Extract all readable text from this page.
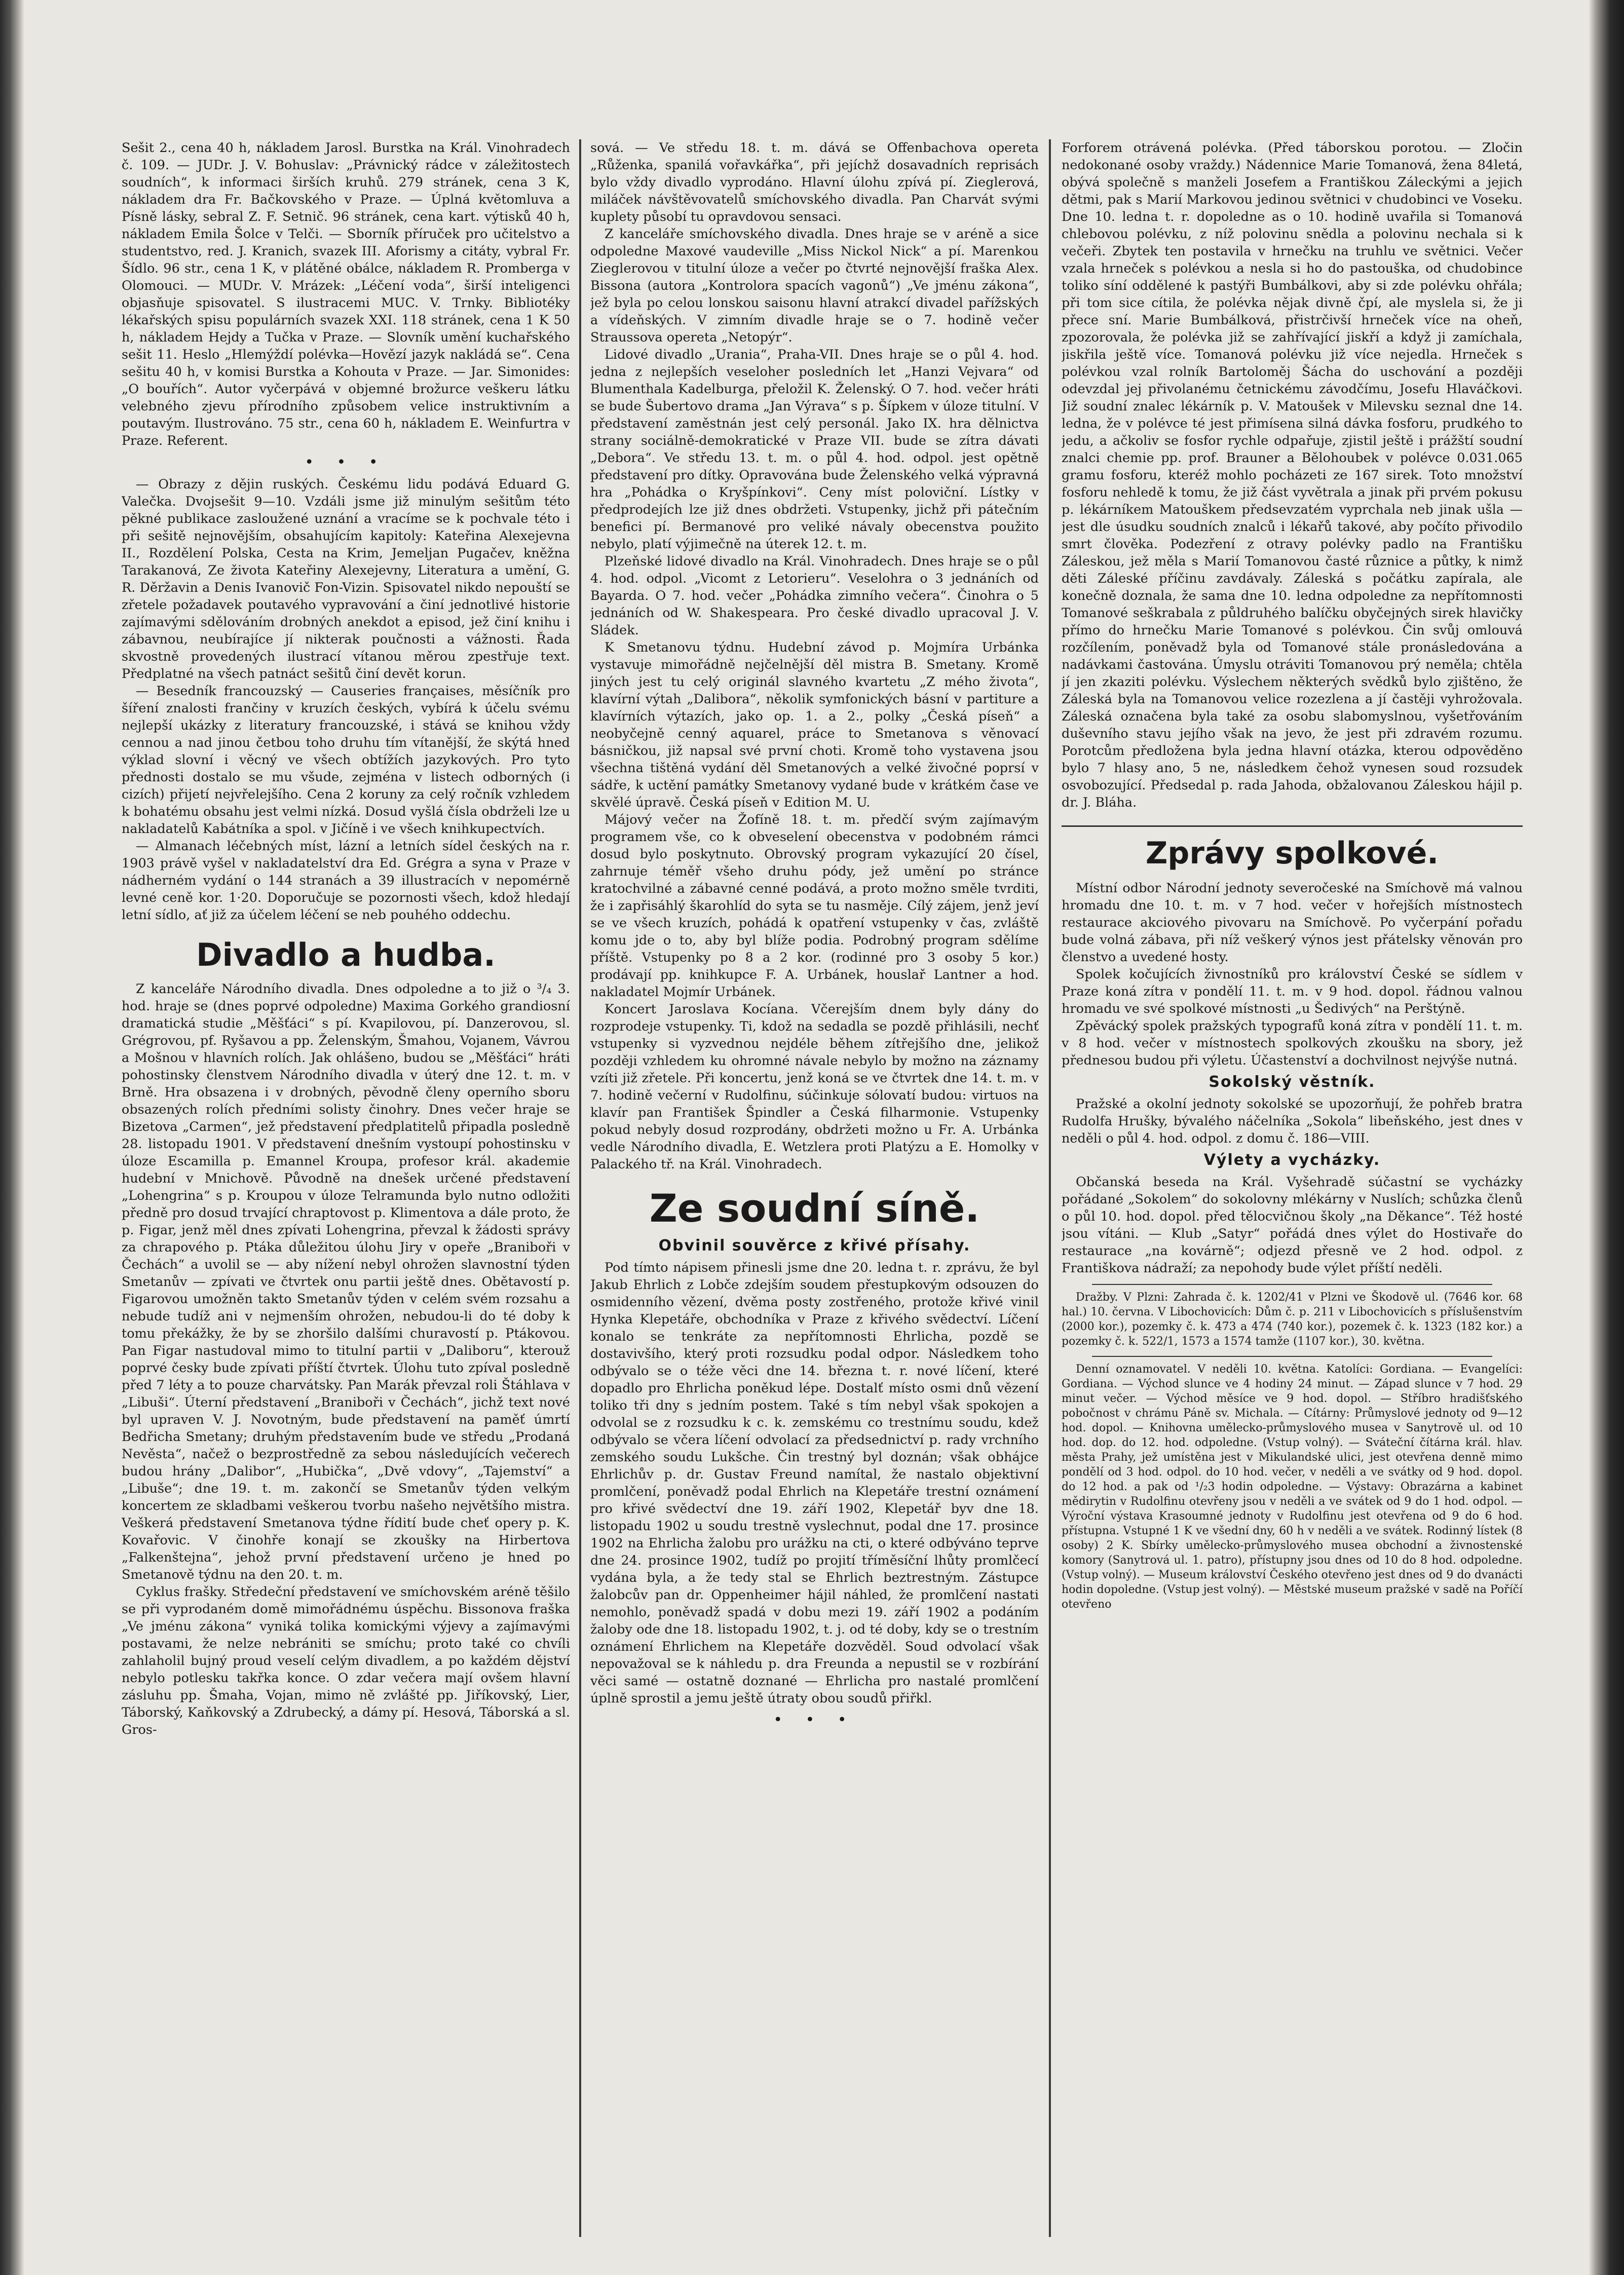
Sešit 2., cena 40 h, nákladem Jarosl. Burstka na Král. Vinohradech č. 109. — JUDr. J. V. Bohuslav: „Právnický rádce v záležitostech soudních“, k informaci širších kruhů. 279 stránek, cena 3 K, nákladem dra Fr. Bačkovského v Praze. — Úplná květomluva a Písně lásky, sebral Z. F. Setnič. 96 stránek, cena kart. výtisků 40 h, nákladem Emila Šolce v Telči. — Sborník příruček pro učitelstvo a studentstvo, red. J. Kranich, svazek III. Aforismy a citáty, vybral Fr. Šídlo. 96 str., cena 1 K, v plátěné obálce, nákladem R. Promberga v Olomouci. — MUDr. V. Mrázek: „Léčení voda“, širší inteligenci objasňuje spisovatel. S ilustracemi MUC. V. Trnky. Bibliotéky lékařských spisu populárních svazek XXI. 118 stránek, cena 1 K 50 h, nákladem Hejdy a Tučka v Praze. — Slovník umění kuchařského sešit 11. Heslo „Hlemýždí polévka—Hovězí jazyk nakládá se“. Cena sešitu 40 h, v komisi Burstka a Kohouta v Praze. — Jar. Simonides: „O bouřích“. Autor vyčerpává v objemné brožurce veškeru látku velebného zjevu přírodního způsobem velice instruktivním a poutavým. Ilustrováno. 75 str., cena 60 h, nákladem E. Weinfurtra v Praze. Referent.

• • •

— Obrazy z dějin ruských. Českému lidu podává Eduard G. Valečka. Dvojsešit 9—10. Vzdáli jsme již minulým sešitům této pěkné publikace zasloužené uznání a vracíme se k pochvale této i při sešitě nejnovějším, obsahujícím kapitoly: Kateřina Alexejevna II., Rozdělení Polska, Cesta na Krim, Jemeljan Pugačev, kněžna Tarakanová, Ze života Kateřiny Alexejevny, Literatura a umění, G. R. Děržavin a Denis Ivanovič Fon-Vizin. Spisovatel nikdo nepouští se zřetele požadavek poutavého vypravování a činí jednotlivé historie zajímavými sdělováním drobných anekdot a episod, jež činí knihu i zábavnou, neubírajíce jí nikterak poučnosti a vážnosti. Řada skvostně provedených ilustrací vítanou měrou zpestřuje text. Předplatné na všech patnáct sešitů činí devět korun.

— Besedník francouzský — Causeries françaises, měsíčník pro šíření znalosti frančiny v kruzích českých, vybírá k účelu svému nejlepší ukázky z literatury francouzské, i stává se knihou vždy cennou a nad jinou četbou toho druhu tím vítanější, že skýtá hned výklad slovní i věcný ve všech obtížích jazykových. Pro tyto přednosti dostalo se mu všude, zejména v listech odborných (i cizích) přijetí nejvřelejšího. Cena 2 koruny za celý ročník vzhledem k bohatému obsahu jest velmi nízká. Dosud vyšlá čísla obdrželi lze u nakladatelů Kabátníka a spol. v Jičíně i ve všech knihkupectvích.

— Almanach léčebných míst, lázní a letních sídel českých na r. 1903 právě vyšel v nakladatelství dra Ed. Grégra a syna v Praze v nádherném vydání o 144 stranách a 39 illustracích v nepomérně levné ceně kor. 1·20. Doporučuje se pozornosti všech, kdož hledají letní sídlo, ať již za účelem léčení se neb pouhého oddechu.

Divadlo a hudba.

Z kanceláře Národního divadla. Dnes odpoledne a to již o ³/₄ 3. hod. hraje se (dnes poprvé odpoledne) Maxima Gorkého grandiosní dramatická studie „Měšťáci“ s pí. Kvapilovou, pí. Danzerovou, sl. Grégrovou, pf. Ryšavou a pp. Želenským, Šmahou, Vojanem, Vávrou a Mošnou v hlavních rolích. Jak ohlášeno, budou se „Měšťáci“ hráti pohostinsky členstvem Národního divadla v úterý dne 12. t. m. v Brně. Hra obsazena i v drobných, pěvodně členy operního sboru obsazených rolích předními solisty činohry. Dnes večer hraje se Bizetova „Carmen“, jež představení předplatitelů připadla posledně 28. listopadu 1901. V představení dnešním vystoupí pohostinsku v úloze Escamilla p. Emannel Kroupa, profesor král. akademie hudební v Mnichově. Původně na dnešek určené představení „Lohengrina“ s p. Kroupou v úloze Telramunda bylo nutno odložiti předně pro dosud trvající chraptovost p. Klimentova a dále proto, že p. Figar, jenž měl dnes zpívati Lohengrina, převzal k žádosti správy za chrapového p. Ptáka důležitou úlohu Jiry v opeře „Braniboři v Čechách“ a uvolil se — aby nížení nebyl ohrožen slavnostní týden Smetanův — zpívati ve čtvrtek onu partii ještě dnes. Obětavostí p. Figarovou umožněn takto Smetanův týden v celém svém rozsahu a nebude tudíž ani v nejmenším ohrožen, nebudou-li do té doby k tomu překážky, že by se zhoršilo dalšími churavostí p. Ptákovou. Pan Figar nastudoval mimo to titulní partii v „Daliboru“, kterouž poprvé česky bude zpívati příští čtvrtek. Úlohu tuto zpíval posledně před 7 léty a to pouze charvátsky. Pan Marák převzal roli Štáhlava v „Libuši“. Úterní představení „Braniboři v Čechách“, jichž text nové byl upraven V. J. Novotným, bude představení na paměť úmrtí Bedřicha Smetany; druhým představením bude ve středu „Prodaná Nevěsta“, načež o bezprostředně za sebou následujících večerech budou hrány „Dalibor“, „Hubička“, „Dvě vdovy“, „Tajemství“ a „Libuše“; dne 19. t. m. zakončí se Smetanův týden velkým koncertem ze skladbami veškerou tvorbu našeho největšího mistra. Veškerá představení Smetanova týdne řídití bude cheť opery p. K. Kovařovic. V činohře konají se zkoušky na Hirbertova „Falkenštejna“, jehož první představení určeno je hned po Smetanově týdnu na den 20. t. m.

Cyklus frašky. Středeční představení ve smíchovském aréně těšilo se při vyprodaném domě mimořádnému úspěchu. Bissonova fraška „Ve jménu zákona“ vyniká tolika komickými výjevy a zajímavými postavami, že nelze nebrániti se smíchu; proto také co chvíli zahlaholil bujný proud veselí celým divadlem, a po každém dějství nebylo potlesku takřka konce. O zdar večera mají ovšem hlavní zásluhu pp. Šmaha, Vojan, mimo ně zvlášté pp. Jiříkovský, Lier, Táborský, Kaňkovský a Zdrubecký, a dámy pí. Hesová, Táborská a sl. Gros-

sová. — Ve středu 18. t. m. dává se Offenbachova opereta „Růženka, spanilá vořavkářka“, při jejíchž dosavadních reprisách bylo vždy divadlo vyprodáno. Hlavní úlohu zpívá pí. Zieglerová, miláček návštěvovatelů smíchovského divadla. Pan Charvát svými kuplety působí tu opravdovou sensaci.

Z kanceláře smíchovského divadla. Dnes hraje se v aréně a sice odpoledne Maxové vaudeville „Miss Nickol Nick“ a pí. Marenkou Zieglerovou v titulní úloze a večer po čtvrté nejnovější fraška Alex. Bissona (autora „Kontrolora spacích vagonů“) „Ve jménu zákona“, jež byla po celou lonskou saisonu hlavní atrakcí divadel pařížských a vídeňských. V zimním divadle hraje se o 7. hodině večer Straussova opereta „Netopýr“.

Lidové divadlo „Urania“, Praha-VII. Dnes hraje se o půl 4. hod. jedna z nejlepších veseloher posledních let „Hanzi Vejvara“ od Blumenthala Kadelburga, přeložil K. Želenský. O 7. hod. večer hráti se bude Šubertovo drama „Jan Výrava“ s p. Šípkem v úloze titulní. V představení zaměstnán jest celý personál. Jako IX. hra dělnictva strany sociálně-demokratické v Praze VII. bude se zítra dávati „Debora“. Ve středu 13. t. m. o půl 4. hod. odpol. jest opětně představení pro dítky. Opravována bude Želenského velká výpravná hra „Pohádka o Kryšpínkovi“. Ceny míst poloviční. Lístky v předprodejích lze již dnes obdržeti. Vstupenky, jichž při pátečním benefici pí. Bermanové pro veliké návaly obecenstva použito nebylo, platí výjimečně na úterek 12. t. m.

Plzeňské lidové divadlo na Král. Vinohradech. Dnes hraje se o půl 4. hod. odpol. „Vicomt z Letorieru“. Veselohra o 3 jednáních od Bayarda. O 7. hod. večer „Pohádka zimního večera“. Činohra o 5 jednáních od W. Shakespeara. Pro české divadlo upracoval J. V. Sládek.

K Smetanovu týdnu. Hudební závod p. Mojmíra Urbánka vystavuje mimořádně nejčelnější děl mistra B. Smetany. Kromě jiných jest tu celý originál slavného kvartetu „Z mého života“, klavírní výtah „Dalibora“, několik symfonických básní v partiture a klavírních výtazích, jako op. 1. a 2., polky „Česká píseň“ a neobyčejně cenný aquarel, práce to Smetanova s věnovací básničkou, již napsal své první choti. Kromě toho vystavena jsou všechna tištěná vydání děl Smetanových a velké živočné poprsí v sádře, k uctění památky Smetanovy vydané bude v krátkém čase ve skvělé úpravě. Česká píseň v Edition M. U.

Májový večer na Žofíně 18. t. m. předčí svým zajímavým programem vše, co k obveselení obecenstva v podobném rámci dosud bylo poskytnuto. Obrovský program vykazující 20 čísel, zahrnuje téměř všeho druhu pódy, jež umění po stránce kratochvilné a zábavné cenné podává, a proto možno směle tvrditi, že i zapřisáhlý škarohlíd do syta se tu nasměje. Cílý zájem, jenž jeví se ve všech kruzích, pohádá k opatření vstupenky v čas, zvláště komu jde o to, aby byl blíže podia. Podrobný program sdělíme příště. Vstupenky po 8 a 2 kor. (rodinné pro 3 osoby 5 kor.) prodávají pp. knihkupce F. A. Urbánek, houslař Lantner a hod. nakladatel Mojmír Urbánek.

Koncert Jaroslava Kocíana. Včerejším dnem byly dány do rozprodeje vstupenky. Ti, kdož na sedadla se pozdě přihlásili, nechť vstupenky si vyzvednou nejdéle během zítřejšího dne, jelikož později vzhledem ku ohromné návale nebylo by možno na záznamy vzíti již zřetele. Při koncertu, jenž koná se ve čtvrtek dne 14. t. m. v 7. hodině večerní v Rudolfinu, súčinkuje sólovatí budou: virtuos na klavír pan František Špindler a Česká filharmonie. Vstupenky pokud nebyly dosud rozprodány, obdržeti možno u Fr. A. Urbánka vedle Národního divadla, E. Wetzlera proti Platýzu a E. Homolky v Palackého tř. na Král. Vinohradech.

Ze soudní síně.
Obvinil souvěrce z křivé přísahy.

Pod tímto nápisem přinesli jsme dne 20. ledna t. r. zprávu, že byl Jakub Ehrlich z Lobče zdejším soudem přestupkovým odsouzen do osmidenního vězení, dvěma posty zostřeného, protože křivé vinil Hynka Klepetáře, obchodníka v Praze z křivého svědectví. Líčení konalo se tenkráte za nepřítomnosti Ehrlicha, pozdě se dostavivšího, který proti rozsudku podal odpor. Následkem toho odbývalo se o téže věci dne 14. března t. r. nové líčení, které dopadlo pro Ehrlicha poněkud lépe. Dostalť místo osmi dnů vězení toliko tři dny s jedním postem. Také s tím nebyl však spokojen a odvolal se z rozsudku k c. k. zemskému co trestnímu soudu, kdež odbývalo se včera líčení odvolací za předsednictví p. rady vrchního zemského soudu Lukšche. Čin trestný byl doznán; však obhájce Ehrlichův p. dr. Gustav Freund namítal, že nastalo objektivní promlčení, poněvadž podal Ehrlich na Klepetáře trestní oznámení pro křivé svědectví dne 19. září 1902, Klepetář byv dne 18. listopadu 1902 u soudu trestně vyslechnut, podal dne 17. prosince 1902 na Ehrlicha žalobu pro urážku na cti, o které odbýváno teprve dne 24. prosince 1902, tudíž po projití tříměsíční lhůty promlčecí vydána byla, a že tedy stal se Ehrlich beztrestným. Zástupce žalobcův pan dr. Oppenheimer hájil náhled, že promlčení nastati nemohlo, poněvadž spadá v dobu mezi 19. září 1902 a podáním žaloby ode dne 18. listopadu 1902, t. j. od té doby, kdy se o trestním oznámení Ehrlichem na Klepetáře dozvěděl. Soud odvolací však nepovažoval se k náhledu p. dra Freunda a nepustil se v rozbírání věci samé — ostatně doznané — Ehrlicha pro nastalé promlčení úplně sprostil a jemu ještě útraty obou soudů přiřkl.

• • •

Forforem otrávená polévka. (Před táborskou porotou. — Zločin nedokonané osoby vraždy.) Nádennice Marie Tomanová, žena 84letá, obývá společně s manželi Josefem a Františkou Záleckými a jejich dětmi, pak s Marií Markovou jedinou světnici v chudobinci ve Voseku. Dne 10. ledna t. r. dopoledne as o 10. hodině uvařila si Tomanová chlebovou polévku, z níž polovinu snědla a polovinu nechala si k večeři. Zbytek ten postavila v hrnečku na truhlu ve světnici. Večer vzala hrneček s polévkou a nesla si ho do pastouška, od chudobince toliko síní oddělené k pastýři Bumbálkovi, aby si zde polévku ohřála; při tom sice cítila, že polévka nějak divně čpí, ale myslela si, že ji přece sní. Marie Bumbálková, přistrčivší hrneček více na oheň, zpozorovala, že polévka již se zahřívající jiskří a když ji zamíchala, jiskřila ještě více. Tomanová polévku již více nejedla. Hrneček s polévkou vzal rolník Bartoloměj Šácha do uschování a později odevzdal jej přivolanému četnickému závodčímu, Josefu Hlaváčkovi. Již soudní znalec lékárník p. V. Matoušek v Milevsku seznal dne 14. ledna, že v polévce té jest přimísena silná dávka fosforu, prudkého to jedu, a ačkoliv se fosfor rychle odpařuje, zjistil ještě i prážští soudní znalci chemie pp. prof. Brauner a Bělohoubek v polévce 0.031.065 gramu fosforu, kteréž mohlo pocházeti ze 167 sirek. Toto množství fosforu nehledě k tomu, že již část vyvětrala a jinak při prvém pokusu p. lékárníkem Matouškem předsevzatém vyprchala neb jinak ušla — jest dle úsudku soudních znalců i lékařů takové, aby počíto přivodilo smrt člověka. Podezření z otravy polévky padlo na Františku Záleskou, jež měla s Marií Tomanovou časté různice a půtky, k nimž děti Záleské příčinu zavdávaly. Záleská s počátku zapírala, ale konečně doznala, že sama dne 10. ledna odpoledne za nepřítomnosti Tomanové seškrabala z půldruhého balíčku obyčejných sirek hlavičky přímo do hrnečku Marie Tomanové s polévkou. Čin svůj omlouvá rozčílením, poněvadž byla od Tomanové stále pronásledována a nadávkami častována. Úmyslu otráviti Tomanovou prý neměla; chtěla jí jen zkaziti polévku. Výslechem některých svědků bylo zjištěno, že Záleská byla na Tomanovou velice rozezlena a jí častěji vyhrožovala. Záleská označena byla také za osobu slabomyslnou, vyšetřováním duševního stavu jejího však na jevo, že jest při zdravém rozumu. Porotcům předložena byla jedna hlavní otázka, kterou odpověděno bylo 7 hlasy ano, 5 ne, následkem čehož vynesen soud rozsudek osvobozující. Předsedal p. rada Jahoda, obžalovanou Záleskou hájil p. dr. J. Bláha.

Zprávy spolkové.

Místní odbor Národní jednoty severočeské na Smíchově má valnou hromadu dne 10. t. m. v 7 hod. večer v hořejších místnostech restaurace akciového pivovaru na Smíchově. Po vyčerpání pořadu bude volná zábava, při níž veškerý výnos jest přátelsky věnován pro členstvo a uvedené hosty.

Spolek kočujících živnostníků pro království České se sídlem v Praze koná zítra v pondělí 11. t. m. v 9 hod. dopol. řádnou valnou hromadu ve své spolkové místnosti „u Šedivých“ na Perštýně.

Zpěvácký spolek pražských typografů koná zítra v pondělí 11. t. m. v 8 hod. večer v místnostech spolkových zkoušku na sbory, jež přednesou budou při výletu. Účastenství a dochvilnost nejvýše nutná.

Sokolský věstník.

Pražské a okolní jednoty sokolské se upozorňují, že pohřeb bratra Rudolfa Hrušky, bývalého náčelníka „Sokola“ libeňského, jest dnes v neděli o půl 4. hod. odpol. z domu č. 186—VIII.

Výlety a vycházky.

Občanská beseda na Král. Vyšehradě súčastní se vycházky pořádané „Sokolem“ do sokolovny mlékárny v Nuslích; schůzka členů o půl 10. hod. dopol. před tělocvičnou školy „na Děkance“. Též hosté jsou vítáni. — Klub „Satyr“ pořádá dnes výlet do Hostivaře do restaurace „na kovárně“; odjezd přesně ve 2 hod. odpol. z Františkova nádraží; za nepohody bude výlet příští neděli.

Dražby. V Plzni: Zahrada č. k. 1202/41 v Plzni ve Škodově ul. (7646 kor. 68 hal.) 10. června. V Libochovicích: Dům č. p. 211 v Libochovicích s příslušenstvím (2000 kor.), pozemky č. k. 473 a 474 (740 kor.), pozemek č. k. 1323 (182 kor.) a pozemky č. k. 522/1, 1573 a 1574 tamže (1107 kor.), 30. května.

Denní oznamovatel. V neděli 10. května. Katolíci: Gordiana. — Evangelíci: Gordiana. — Východ slunce ve 4 hodiny 24 minut. — Západ slunce v 7 hod. 29 minut večer. — Východ měsíce ve 9 hod. dopol. — Stříbro hradišťského pobočnost v chrámu Páně sv. Michala. — Cítárny: Průmyslové jednoty od 9—12 hod. dopol. — Knihovna umělecko-průmyslového musea v Sanytrově ul. od 10 hod. dop. do 12. hod. odpoledne. (Vstup volný). — Sváteční čítárna král. hlav. města Prahy, jež umístěna jest v Mikulandské ulici, jest otevřena denně mimo pondělí od 3 hod. odpol. do 10 hod. večer, v neděli a ve svátky od 9 hod. dopol. do 12 hod. a pak od ¹/₂3 hodin odpoledne. — Výstavy: Obrazárna a kabinet mědirytin v Rudolfinu otevřeny jsou v neděli a ve svátek od 9 do 1 hod. odpol. — Výroční výstava Krasoumné jednoty v Rudolfinu jest otevřena od 9 do 6 hod. přístupna. Vstupné 1 K ve všední dny, 60 h v neděli a ve svátek. Rodinný lístek (8 osoby) 2 K. Sbírky umělecko-průmyslového musea obchodní a živnostenské komory (Sanytrová ul. 1. patro), přístupny jsou dnes od 10 do 8 hod. odpoledne. (Vstup volný). — Museum království Českého otevřeno jest dnes od 9 do dvanácti hodin dopoledne. (Vstup jest volný). — Městské museum pražské v sadě na Poříčí otevřeno
